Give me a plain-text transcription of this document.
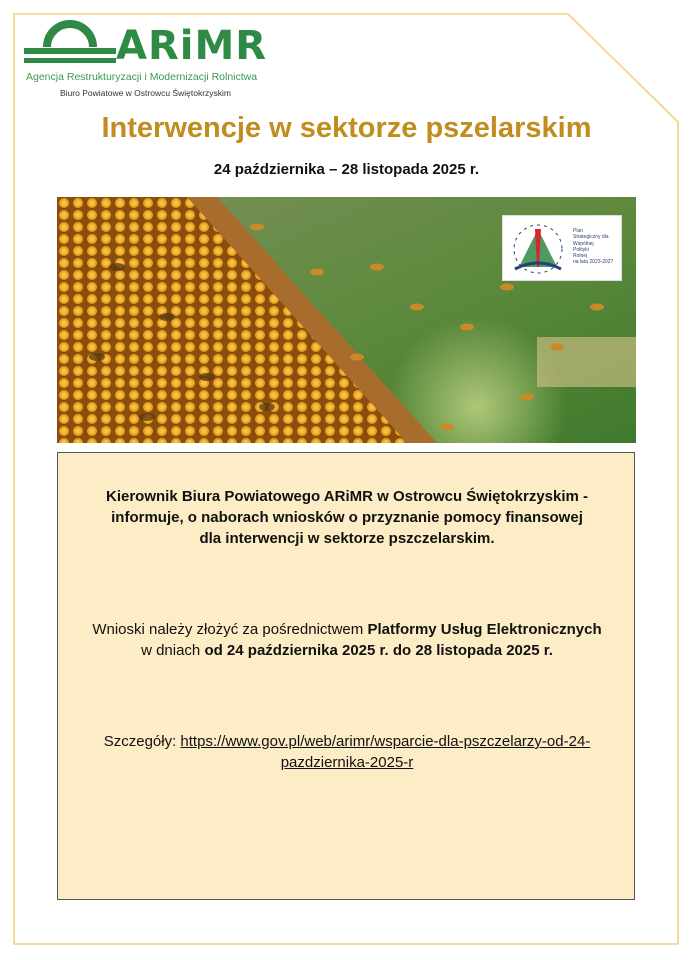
ARiMR
Agencja Restrukturyzacji i Modernizacji Rolnictwa
Biuro Powiatowe w Ostrowcu Świętokrzyskim
Interwencje w sektorze pszelarskim
24 października – 28 listopada 2025 r.
Plan
Strategiczny dla
Wspólnej
Polityki
Rolnej
na lata 2023-2027
Kierownik Biura Powiatowego ARiMR w Ostrowcu Świętokrzyskim -
informuje, o naborach wniosków o przyznanie pomocy finansowej
dla interwencji w sektorze pszczelarskim.
Wnioski należy złożyć za pośrednictwem Platformy Usług Elektronicznych
w dniach od 24 października 2025 r. do 28 listopada 2025 r.
Szczegóły: https://www.gov.pl/web/arimr/wsparcie-dla-pszczelarzy-od-24-
pazdziernika-2025-r
